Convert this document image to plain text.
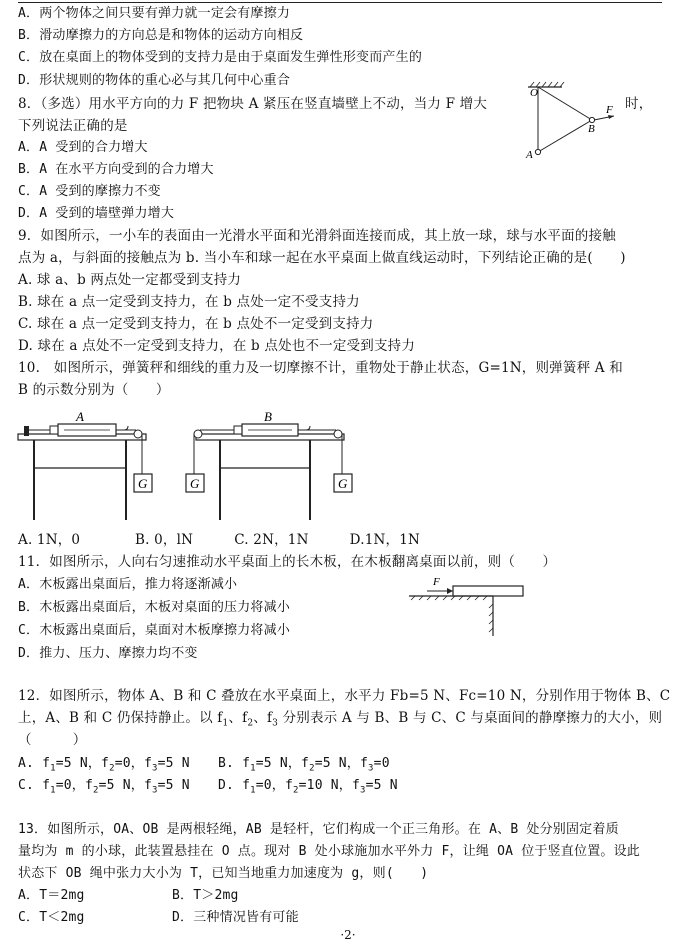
A．两个物体之间只要有弹力就一定会有摩擦力
B．滑动摩擦力的方向总是和物体的运动方向相反
C．放在桌面上的物体受到的支持力是由于桌面发生弹性形变而产生的
D．形状规则的物体的重心必与其几何中心重合
8．（多选）用水平方向的力 F 把物块 A 紧压在竖直墙壁上不动，当力 F 增大	时，
下列说法正确的是
A．A 受到的合力增大
B．A 在水平方向受到的合力增大
C．A 受到的摩擦力不变
D．A 受到的墙壁弹力增大
O
B
A
F
9．如图所示，一小车的表面由一光滑水平面和光滑斜面连接而成，其上放一球，球与水平面的接触
点为 a，与斜面的接触点为 b. 当小车和球一起在水平桌面上做直线运动时，下列结论正确的是(　　)
A. 球 a、b 两点处一定都受到支持力
B. 球在 a 点一定受到支持力，在 b 点处一定不受支持力
C. 球在 a 点一定受到支持力，在 b 点处不一定受到支持力
D. 球在 a 点处不一定受到支持力，在 b 点处也不一定受到支持力
10.　如图所示，弹簧秤和细线的重力及一切摩擦不计，重物处于静止状态，G=1N，则弹簧秤 A 和
B 的示数分别为（　　）
G
A
G	G
B
A. 1N，0　　　　B. 0，lN　　　C. 2N，1N　　　D.1N，1N
11．如图所示，人向右匀速推动水平桌面上的长木板，在木板翻离桌面以前，则（　　）
A．木板露出桌面后，推力将逐渐减小
B．木板露出桌面后，木板对桌面的压力将减小
C．木板露出桌面后，桌面对木板摩擦力将减小
D．推力、压力、摩擦力均不变
F
12．如图所示，物体 A、B 和 C 叠放在水平桌面上，水平力 Fb=5 N、Fc=10 N，分别作用于物体 B、C
上，A、B 和 C 仍保持静止。以 $f_1$、$f_2$、$f_3$ 分别表示 A 与 B、B 与 C、C 与桌面间的静摩擦力的大小，则
（　　　）
A. $f_1=5$ N，$f_2=0$，$f_3=5$ N B. $f_1=5$ N，$f_2=5$ N，$f_3=0$
C. $f_1=0$，$f_2=5$ N，$f_3=5$ N D. $f_1=0$，$f_2=10$ N，$f_3=5$ N
13．如图所示，OA、OB 是两根轻绳，AB 是轻杆，它们构成一个正三角形。在 A、B 处分别固定着质
量均为 m 的小球，此装置悬挂在 O 点。现对 B 处小球施加水平外力 F，让绳 OA 位于竖直位置。设此
状态下 OB 绳中张力大小为 T，已知当地重力加速度为 g，则(　　)
A．T＝2mg	B．T＞2mg
C．T＜2mg	D．三种情况皆有可能
·2·
